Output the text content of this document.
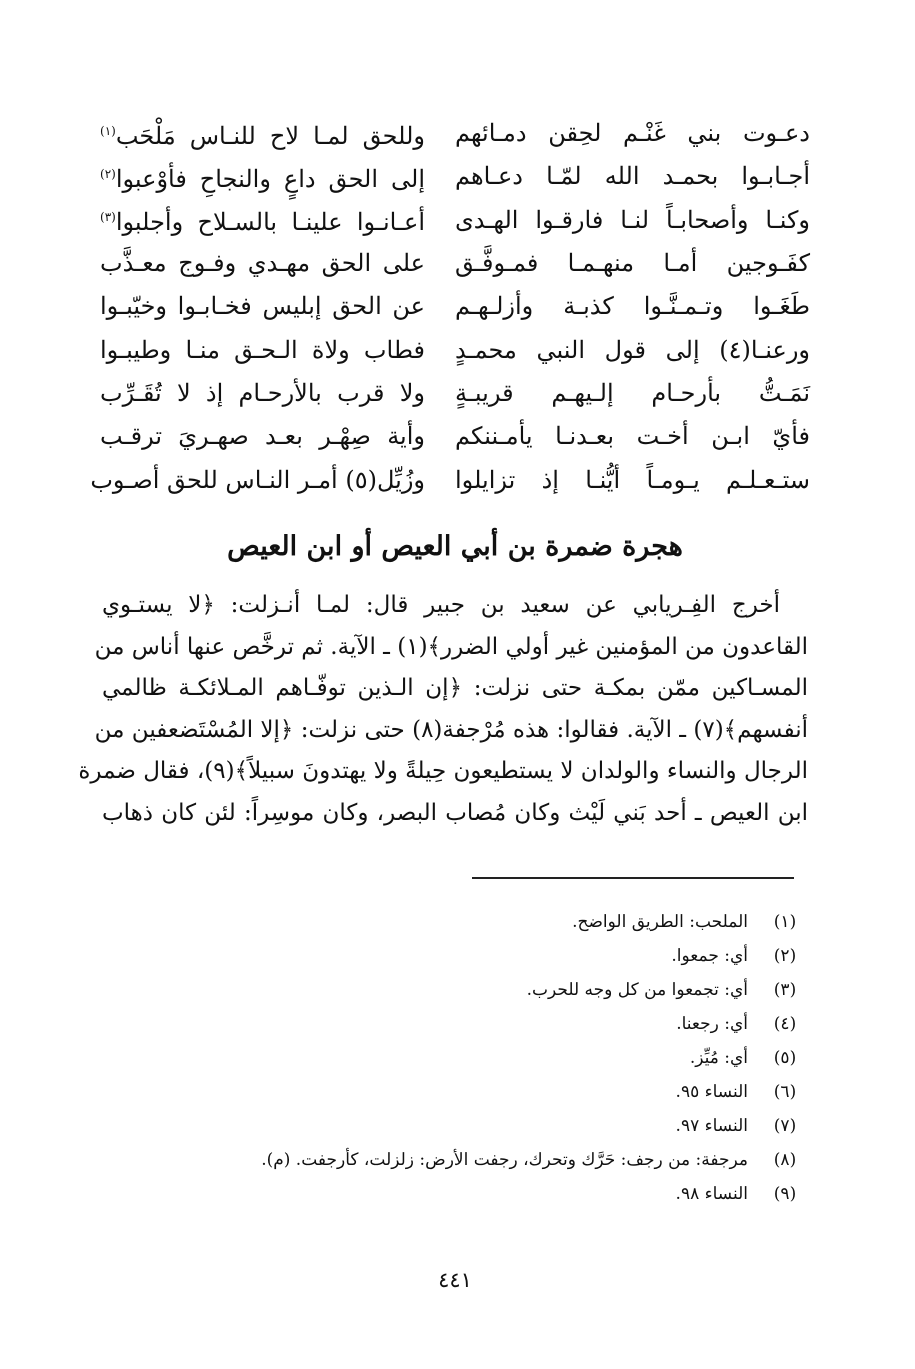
دعـوت بني غَنْـم لحِقن دمـائهم
وللحق لمـا لاح للنـاس مَلْحَب$^{(١)}$
أجـابـوا بحمـد الله لمّـا دعـاهم
إلى الحق داعٍ والنجاحِ فأوْعبوا$^{(٢)}$
وكنـا وأصحابـاً لنـا فارقـوا الهـدى
أعـانـوا علينـا بالسـلاح وأجلبوا$^{(٣)}$
كفَـوجين أمـا منهـمـا فمـوفَّـق
على الحق مهـدي وفـوج معـذَّب
طَغَـوا وتـمـنَّـوا كذبـة وأزلـهـم
عن الحق إبليس فخـابـوا وخيّبـوا
ورعنـا(٤) إلى قول النبي محمـدٍ
فطاب ولاة الـحـق منـا وطيبـوا
نَمَـتُّ بأرحـام إلـيهـم قريبـةٍ
ولا قرب بالأرحـام إذ لا تُقَـرِّب
فأيّ ابـن أخـت بعـدنـا يأمـننكم
وأية صِهْـر بعـد صهـريَ ترقـب
ستـعـلـم يـومـاً أيُّنـا إذ تزايلوا
وزُيِّل(٥) أمـر النـاس للحق أصـوب
هجرة ضمرة بن أبي العيص أو ابن العيص
أخرج الفِـريابي عن سعيد بن جبير قال: لمـا أنـزلت: ﴿لا يستـوي
القاعدون من المؤمنين غير أولي الضرر﴾(١) ـ الآية. ثم ترخَّص عنها أناس من
المسـاكين ممّن بمكـة حتى نزلت: ﴿إن الـذين توفّـاهم المـلائكـة ظالمي
أنفسهم﴾(٧) ـ الآية. فقالوا: هذه مُرْجفة(٨) حتى نزلت: ﴿إلا المُسْتَضعفين من
الرجال والنساء والولدان لا يستطيعون حِيلةً ولا يهتدونَ سبيلاً﴾(٩)، فقال ضمرة
ابن العيص ـ أحد بَني لَيْث وكان مُصاب البصر، وكان موسِراً: لئن كان ذهاب
(١)
الملحب: الطريق الواضح.
(٢)
أي: جمعوا.
(٣)
أي: تجمعوا من كل وجه للحرب.
(٤)
أي: رجعنا.
(٥)
أي: مُيِّز.
(٦)
النساء ٩٥.
(٧)
النساء ٩٧.
(٨)
مرجفة: من رجف: حَرَّك وتحرك، رجفت الأرض: زلزلت، كأرجفت. (م).
(٩)
النساء ٩٨.
٤٤١
